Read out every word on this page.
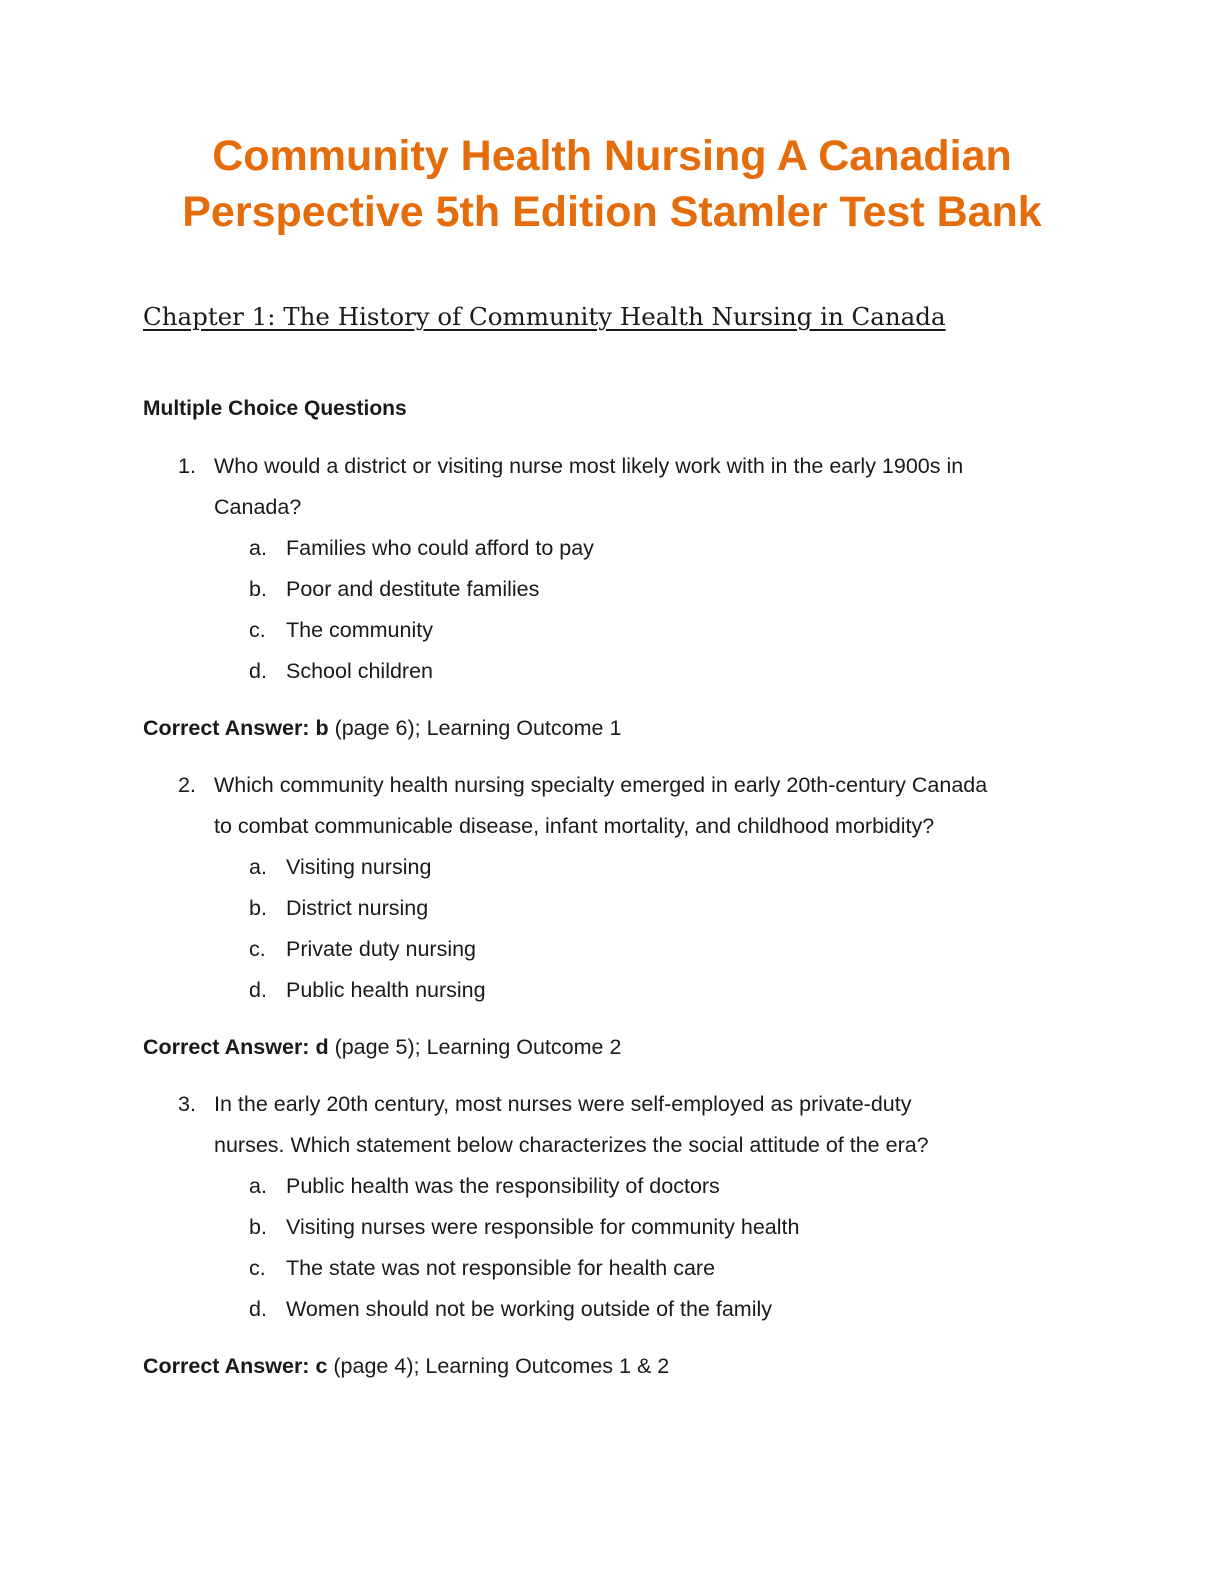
Community Health Nursing A Canadian
Perspective 5th Edition Stamler Test Bank
Chapter 1: The History of Community Health Nursing in Canada
Multiple Choice Questions
1. Who would a district or visiting nurse most likely work with in the early 1900s in
Canada?
a. Families who could afford to pay
b. Poor and destitute families
c. The community
d. School children
Correct Answer: b (page 6); Learning Outcome 1
2. Which community health nursing specialty emerged in early 20th-century Canada
to combat communicable disease, infant mortality, and childhood morbidity?
a. Visiting nursing
b. District nursing
c. Private duty nursing
d. Public health nursing
Correct Answer: d (page 5); Learning Outcome 2
3. In the early 20th century, most nurses were self-employed as private-duty
nurses. Which statement below characterizes the social attitude of the era?
a. Public health was the responsibility of doctors
b. Visiting nurses were responsible for community health
c. The state was not responsible for health care
d. Women should not be working outside of the family
Correct Answer: c (page 4); Learning Outcomes 1 & 2
